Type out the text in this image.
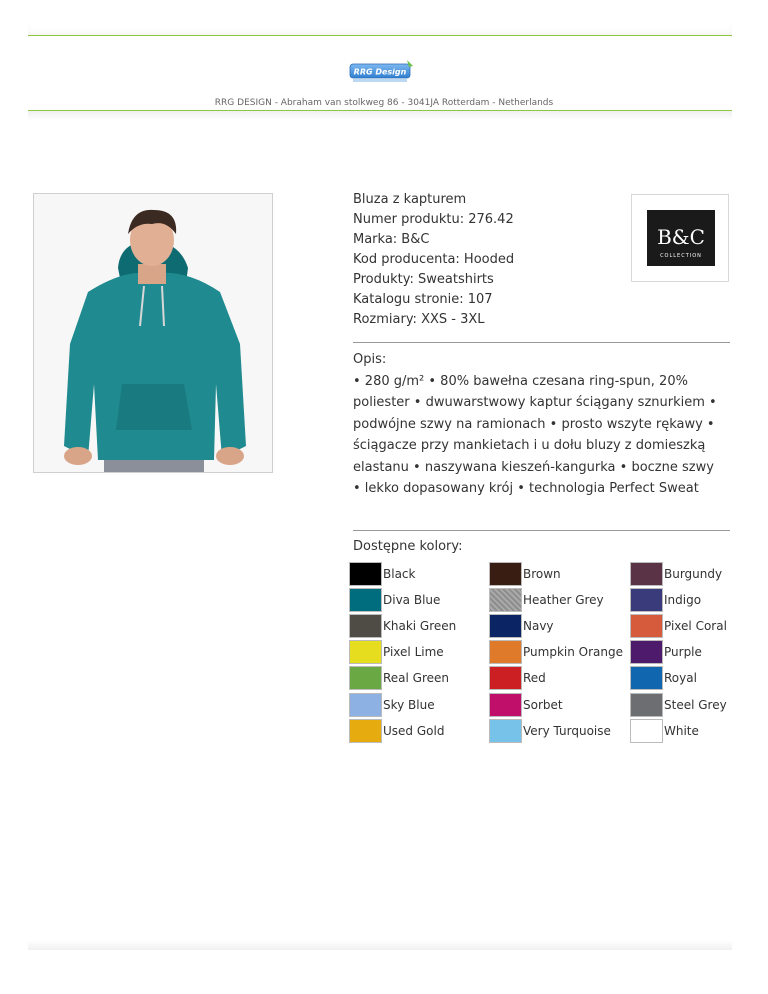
RRG Design
RRG DESIGN - Abraham van stolkweg 86 - 3041JA Rotterdam - Netherlands
Bluza z kapturem
Numer produktu: 276.42
Marka: B&C
Kod producenta: Hooded
Produkty: Sweatshirts
Katalogu stronie: 107
Rozmiary: XXS - 3XL
B&C
COLLECTION
Opis:
• 280 g/m² • 80% bawełna czesana ring-spun, 20% poliester • dwuwarstwowy kaptur ściągany sznurkiem • podwójne szwy na ramionach • prosto wszyte rękawy • ściągacze przy mankietach i u dołu bluzy z domieszką elastanu • naszywana kieszeń-kangurka • boczne szwy • lekko dopasowany krój • technologia Perfect Sweat
Dostępne kolory:
Black	Brown	Burgundy
Diva Blue	Heather Grey	Indigo
Khaki Green	Navy	Pixel Coral
Pixel Lime	Pumpkin Orange	Purple
Real Green	Red	Royal
Sky Blue	Sorbet	Steel Grey
Used Gold	Very Turquoise	White
